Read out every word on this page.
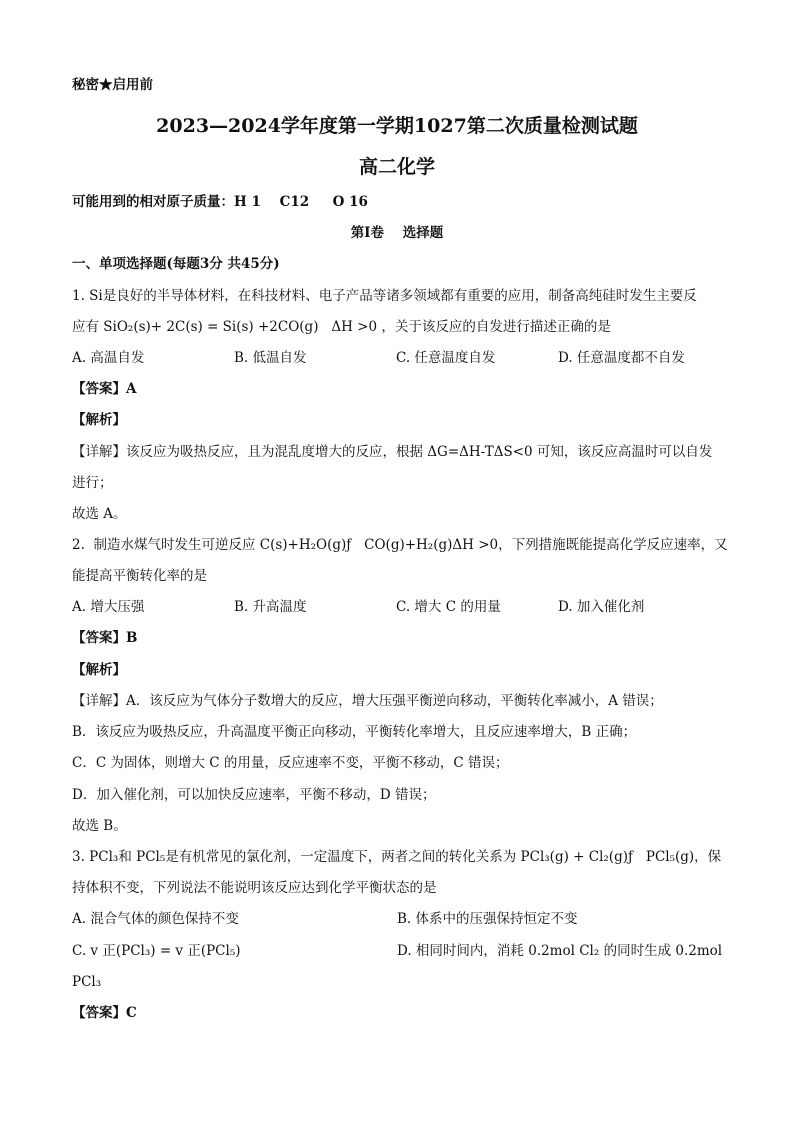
秘密★启用前
2023—2024学年度第一学期1027第二次质量检测试题
高二化学
可能用到的相对原子质量：H 1    C12     O 16
第Ⅰ卷    选择题
一、单项选择题(每题3分 共45分)
1. Si是良好的半导体材料，在科技材料、电子产品等诸多领域都有重要的应用，制备高纯硅时发生主要反
应有 SiO₂(s)+ 2C(s) = Si(s) +2CO(g)   ΔH >0 ，关于该反应的自发进行描述正确的是
A. 高温自发	B. 低温自发	C. 任意温度自发	D. 任意温度都不自发
【答案】A
【解析】
【详解】该反应为吸热反应，且为混乱度增大的反应，根据 ΔG=ΔH-TΔS<0 可知，该反应高温时可以自发
进行；
故选 A。
2.  制造水煤气时发生可逆反应 C(s)+H₂O(g)ƒ   CO(g)+H₂(g)ΔH >0，下列措施既能提高化学反应速率，又
能提高平衡转化率的是
A. 增大压强	B. 升高温度	C. 增大 C 的用量	D. 加入催化剂
【答案】B
【解析】
【详解】A．该反应为气体分子数增大的反应，增大压强平衡逆向移动，平衡转化率减小，A 错误；
B．该反应为吸热反应，升高温度平衡正向移动，平衡转化率增大，且反应速率增大，B 正确；
C．C 为固体，则增大 C 的用量，反应速率不变，平衡不移动，C 错误；
D．加入催化剂，可以加快反应速率，平衡不移动，D 错误；
故选 B。
3. PCl₃和 PCl₅是有机常见的氯化剂，一定温度下，两者之间的转化关系为 PCl₃(g) + Cl₂(g)ƒ   PCl₅(g)，保
持体积不变，下列说法不能说明该反应达到化学平衡状态的是
A. 混合气体的颜色保持不变	B. 体系中的压强保持恒定不变
C. v 正(PCl₃) = v 正(PCl₅)	D. 相同时间内，消耗 0.2mol Cl₂ 的同时生成 0.2mol
PCl₃
【答案】C
